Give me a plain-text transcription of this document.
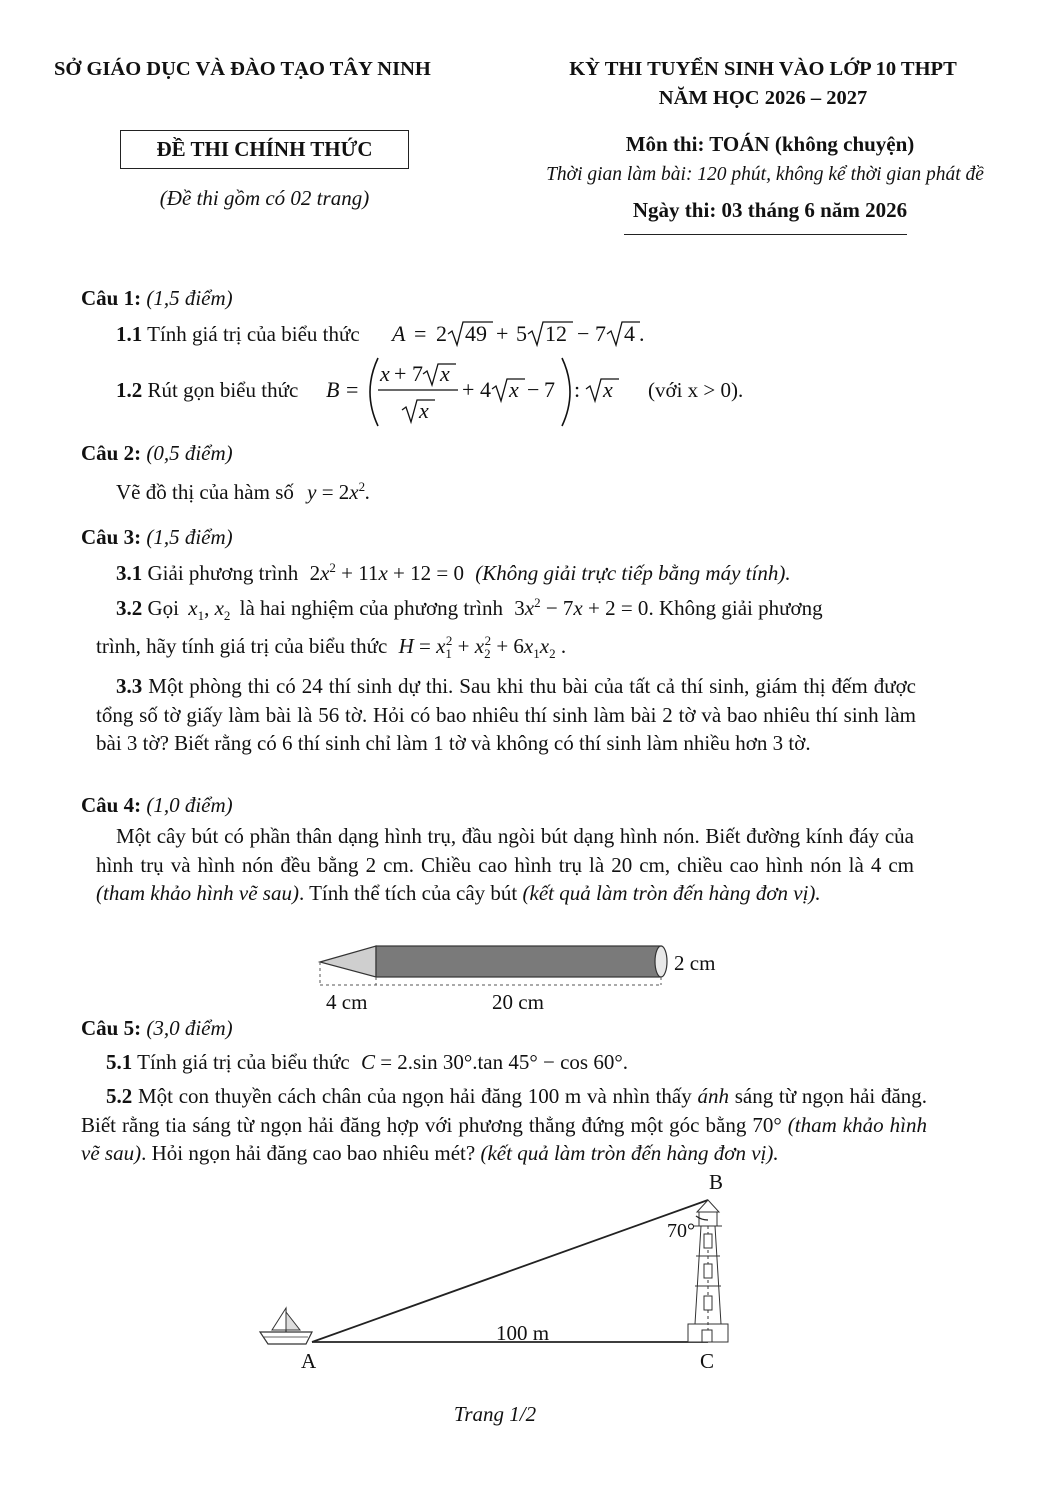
SỞ GIÁO DỤC VÀ ĐÀO TẠO TÂY NINH	KỲ THI TUYỂN SINH VÀO LỚP 10 THPT
NĂM HỌC 2026 – 2027
ĐỀ THI CHÍNH THỨC
(Đề thi gồm có 02 trang)
Môn thi: TOÁN (không chuyện)
Thời gian làm bài: 120 phút, không kể thời gian phát đề
Ngày thi: 03 tháng 6 năm 2026
Câu 1: (1,5 điểm)
1.1 Tính giá trị của biểu thức A = 2 49 + 5 12 − 7 4 .
1.2 Rút gọn biểu thức B =
x + 7 x
x
+ 4 x − 7 : x (với x > 0).
Câu 2: (0,5 điểm)
Vẽ đồ thị của hàm số $y = 2x^2$.
Câu 3: (1,5 điểm)
3.1 Giải phương trình $2x^2 + 11x + 12 = 0$ (Không giải trực tiếp bằng máy tính).
3.2 Gọi $x_1$, $x_2$ là hai nghiệm của phương trình $3x^2 - 7x + 2 = 0$. Không giải phương
trình, hãy tính giá trị của biểu thức $H = x_1^2 + x_2^2 + 6x_1x_2$ .
3.3 Một phòng thi có 24 thí sinh dự thi. Sau khi thu bài của tất cả thí sinh, giám thị đếm được tổng số tờ giấy làm bài là 56 tờ. Hỏi có bao nhiêu thí sinh làm bài 2 tờ và bao nhiêu thí sinh làm bài 3 tờ? Biết rằng có 6 thí sinh chỉ làm 1 tờ và không có thí sinh làm nhiều hơn 3 tờ.
Câu 4: (1,0 điểm)
Một cây bút có phần thân dạng hình trụ, đầu ngòi bút dạng hình nón. Biết đường kính đáy của hình trụ và hình nón đều bằng 2 cm. Chiều cao hình trụ là 20 cm, chiều cao hình nón là 4 cm (tham khảo hình vẽ sau). Tính thể tích của cây bút (kết quả làm tròn đến hàng đơn vị).
2 cm
4 cm	20 cm
Câu 5: (3,0 điểm)
5.1 Tính giá trị của biểu thức C = 2.sin 30°.tan 45° − cos 60°.
5.2 Một con thuyền cách chân của ngọn hải đăng 100 m và nhìn thấy ánh sáng từ ngọn hải đăng. Biết rằng tia sáng từ ngọn hải đăng hợp với phương thẳng đứng một góc bằng 70° (tham khảo hình vẽ sau). Hỏi ngọn hải đăng cao bao nhiêu mét? (kết quả làm tròn đến hàng đơn vị).
B
70°
100 m
A	C
Trang 1/2
